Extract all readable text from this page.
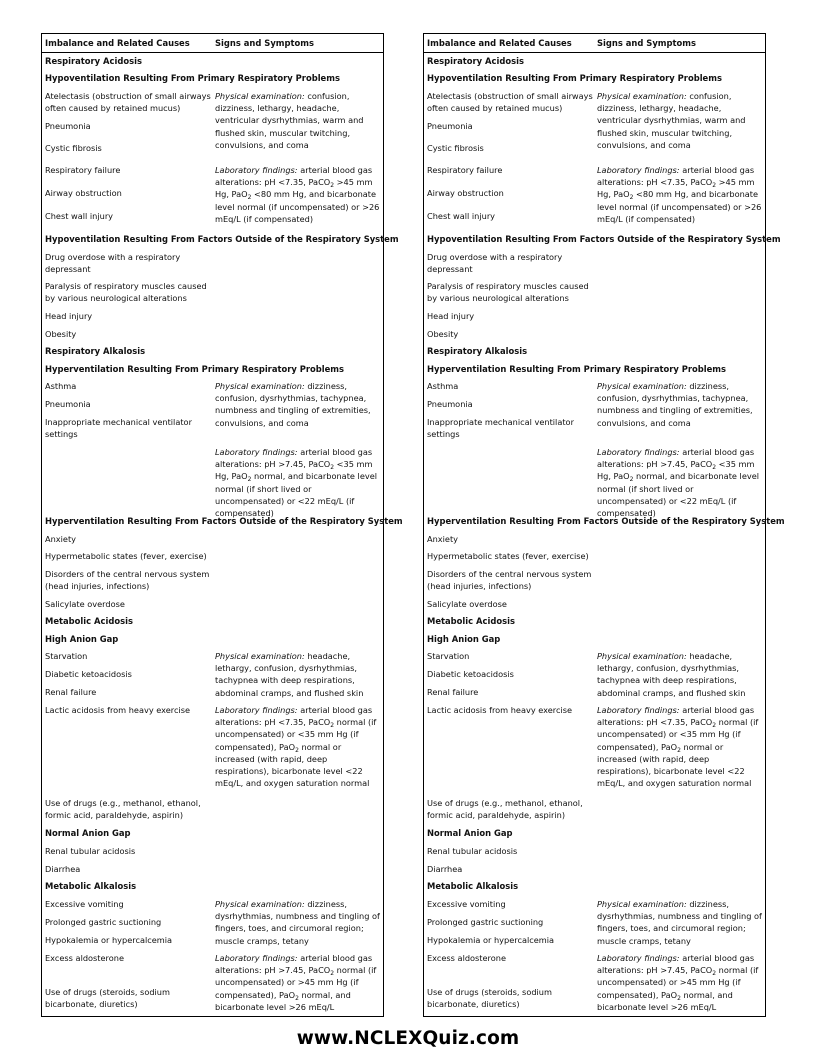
Imbalance and Related Causes	Signs and Symptoms
Respiratory Acidosis
Hypoventilation Resulting From Primary Respiratory Problems
Atelectasis (obstruction of small airways often caused by retained mucus)
Pneumonia
Cystic fibrosis
Respiratory failure
Airway obstruction
Chest wall injury
Physical examination: confusion, dizziness, lethargy, headache, ventricular dysrhythmias, warm and flushed skin, muscular twitching, convulsions, and coma
Laboratory findings: arterial blood gas alterations: pH <7.35, PaCO$_2$ >45 mm Hg, PaO$_2$ <80 mm Hg, and bicarbonate level normal (if uncompensated) or >26 mEq/L (if compensated)
Hypoventilation Resulting From Factors Outside of the Respiratory System
Drug overdose with a respiratory depressant
Paralysis of respiratory muscles caused by various neurological alterations
Head injury
Obesity
Respiratory Alkalosis
Hyperventilation Resulting From Primary Respiratory Problems
Asthma
Pneumonia
Inappropriate mechanical ventilator settings
Physical examination: dizziness, confusion, dysrhythmias, tachypnea, numbness and tingling of extremities, convulsions, and coma
Laboratory findings: arterial blood gas alterations: pH >7.45, PaCO$_2$ <35 mm Hg, PaO$_2$ normal, and bicarbonate level normal (if short lived or uncompensated) or <22 mEq/L (if compensated)
Hyperventilation Resulting From Factors Outside of the Respiratory System
Anxiety
Hypermetabolic states (fever, exercise)
Disorders of the central nervous system (head injuries, infections)
Salicylate overdose
Metabolic Acidosis
High Anion Gap
Starvation
Diabetic ketoacidosis
Renal failure
Lactic acidosis from heavy exercise
Use of drugs (e.g., methanol, ethanol, formic acid, paraldehyde, aspirin)
Physical examination: headache, lethargy, confusion, dysrhythmias, tachypnea with deep respirations, abdominal cramps, and flushed skin
Laboratory findings: arterial blood gas alterations: pH <7.35, PaCO$_2$ normal (if uncompensated) or <35 mm Hg (if compensated), PaO$_2$ normal or increased (with rapid, deep respirations), bicarbonate level <22 mEq/L, and oxygen saturation normal
Normal Anion Gap
Renal tubular acidosis
Diarrhea
Metabolic Alkalosis
Excessive vomiting
Prolonged gastric suctioning
Hypokalemia or hypercalcemia
Excess aldosterone
Use of drugs (steroids, sodium bicarbonate, diuretics)
Physical examination: dizziness, dysrhythmias, numbness and tingling of fingers, toes, and circumoral region; muscle cramps, tetany
Laboratory findings: arterial blood gas alterations: pH >7.45, PaCO$_2$ normal (if uncompensated) or >45 mm Hg (if compensated), PaO$_2$ normal, and bicarbonate level >26 mEq/L
Imbalance and Related Causes	Signs and Symptoms
Respiratory Acidosis
Hypoventilation Resulting From Primary Respiratory Problems
Atelectasis (obstruction of small airways often caused by retained mucus)
Pneumonia
Cystic fibrosis
Respiratory failure
Airway obstruction
Chest wall injury
Physical examination: confusion, dizziness, lethargy, headache, ventricular dysrhythmias, warm and flushed skin, muscular twitching, convulsions, and coma
Laboratory findings: arterial blood gas alterations: pH <7.35, PaCO$_2$ >45 mm Hg, PaO$_2$ <80 mm Hg, and bicarbonate level normal (if uncompensated) or >26 mEq/L (if compensated)
Hypoventilation Resulting From Factors Outside of the Respiratory System
Drug overdose with a respiratory depressant
Paralysis of respiratory muscles caused by various neurological alterations
Head injury
Obesity
Respiratory Alkalosis
Hyperventilation Resulting From Primary Respiratory Problems
Asthma
Pneumonia
Inappropriate mechanical ventilator settings
Physical examination: dizziness, confusion, dysrhythmias, tachypnea, numbness and tingling of extremities, convulsions, and coma
Laboratory findings: arterial blood gas alterations: pH >7.45, PaCO$_2$ <35 mm Hg, PaO$_2$ normal, and bicarbonate level normal (if short lived or uncompensated) or <22 mEq/L (if compensated)
Hyperventilation Resulting From Factors Outside of the Respiratory System
Anxiety
Hypermetabolic states (fever, exercise)
Disorders of the central nervous system (head injuries, infections)
Salicylate overdose
Metabolic Acidosis
High Anion Gap
Starvation
Diabetic ketoacidosis
Renal failure
Lactic acidosis from heavy exercise
Use of drugs (e.g., methanol, ethanol, formic acid, paraldehyde, aspirin)
Physical examination: headache, lethargy, confusion, dysrhythmias, tachypnea with deep respirations, abdominal cramps, and flushed skin
Laboratory findings: arterial blood gas alterations: pH <7.35, PaCO$_2$ normal (if uncompensated) or <35 mm Hg (if compensated), PaO$_2$ normal or increased (with rapid, deep respirations), bicarbonate level <22 mEq/L, and oxygen saturation normal
Normal Anion Gap
Renal tubular acidosis
Diarrhea
Metabolic Alkalosis
Excessive vomiting
Prolonged gastric suctioning
Hypokalemia or hypercalcemia
Excess aldosterone
Use of drugs (steroids, sodium bicarbonate, diuretics)
Physical examination: dizziness, dysrhythmias, numbness and tingling of fingers, toes, and circumoral region; muscle cramps, tetany
Laboratory findings: arterial blood gas alterations: pH >7.45, PaCO$_2$ normal (if uncompensated) or >45 mm Hg (if compensated), PaO$_2$ normal, and bicarbonate level >26 mEq/L
www.NCLEXQuiz.com
